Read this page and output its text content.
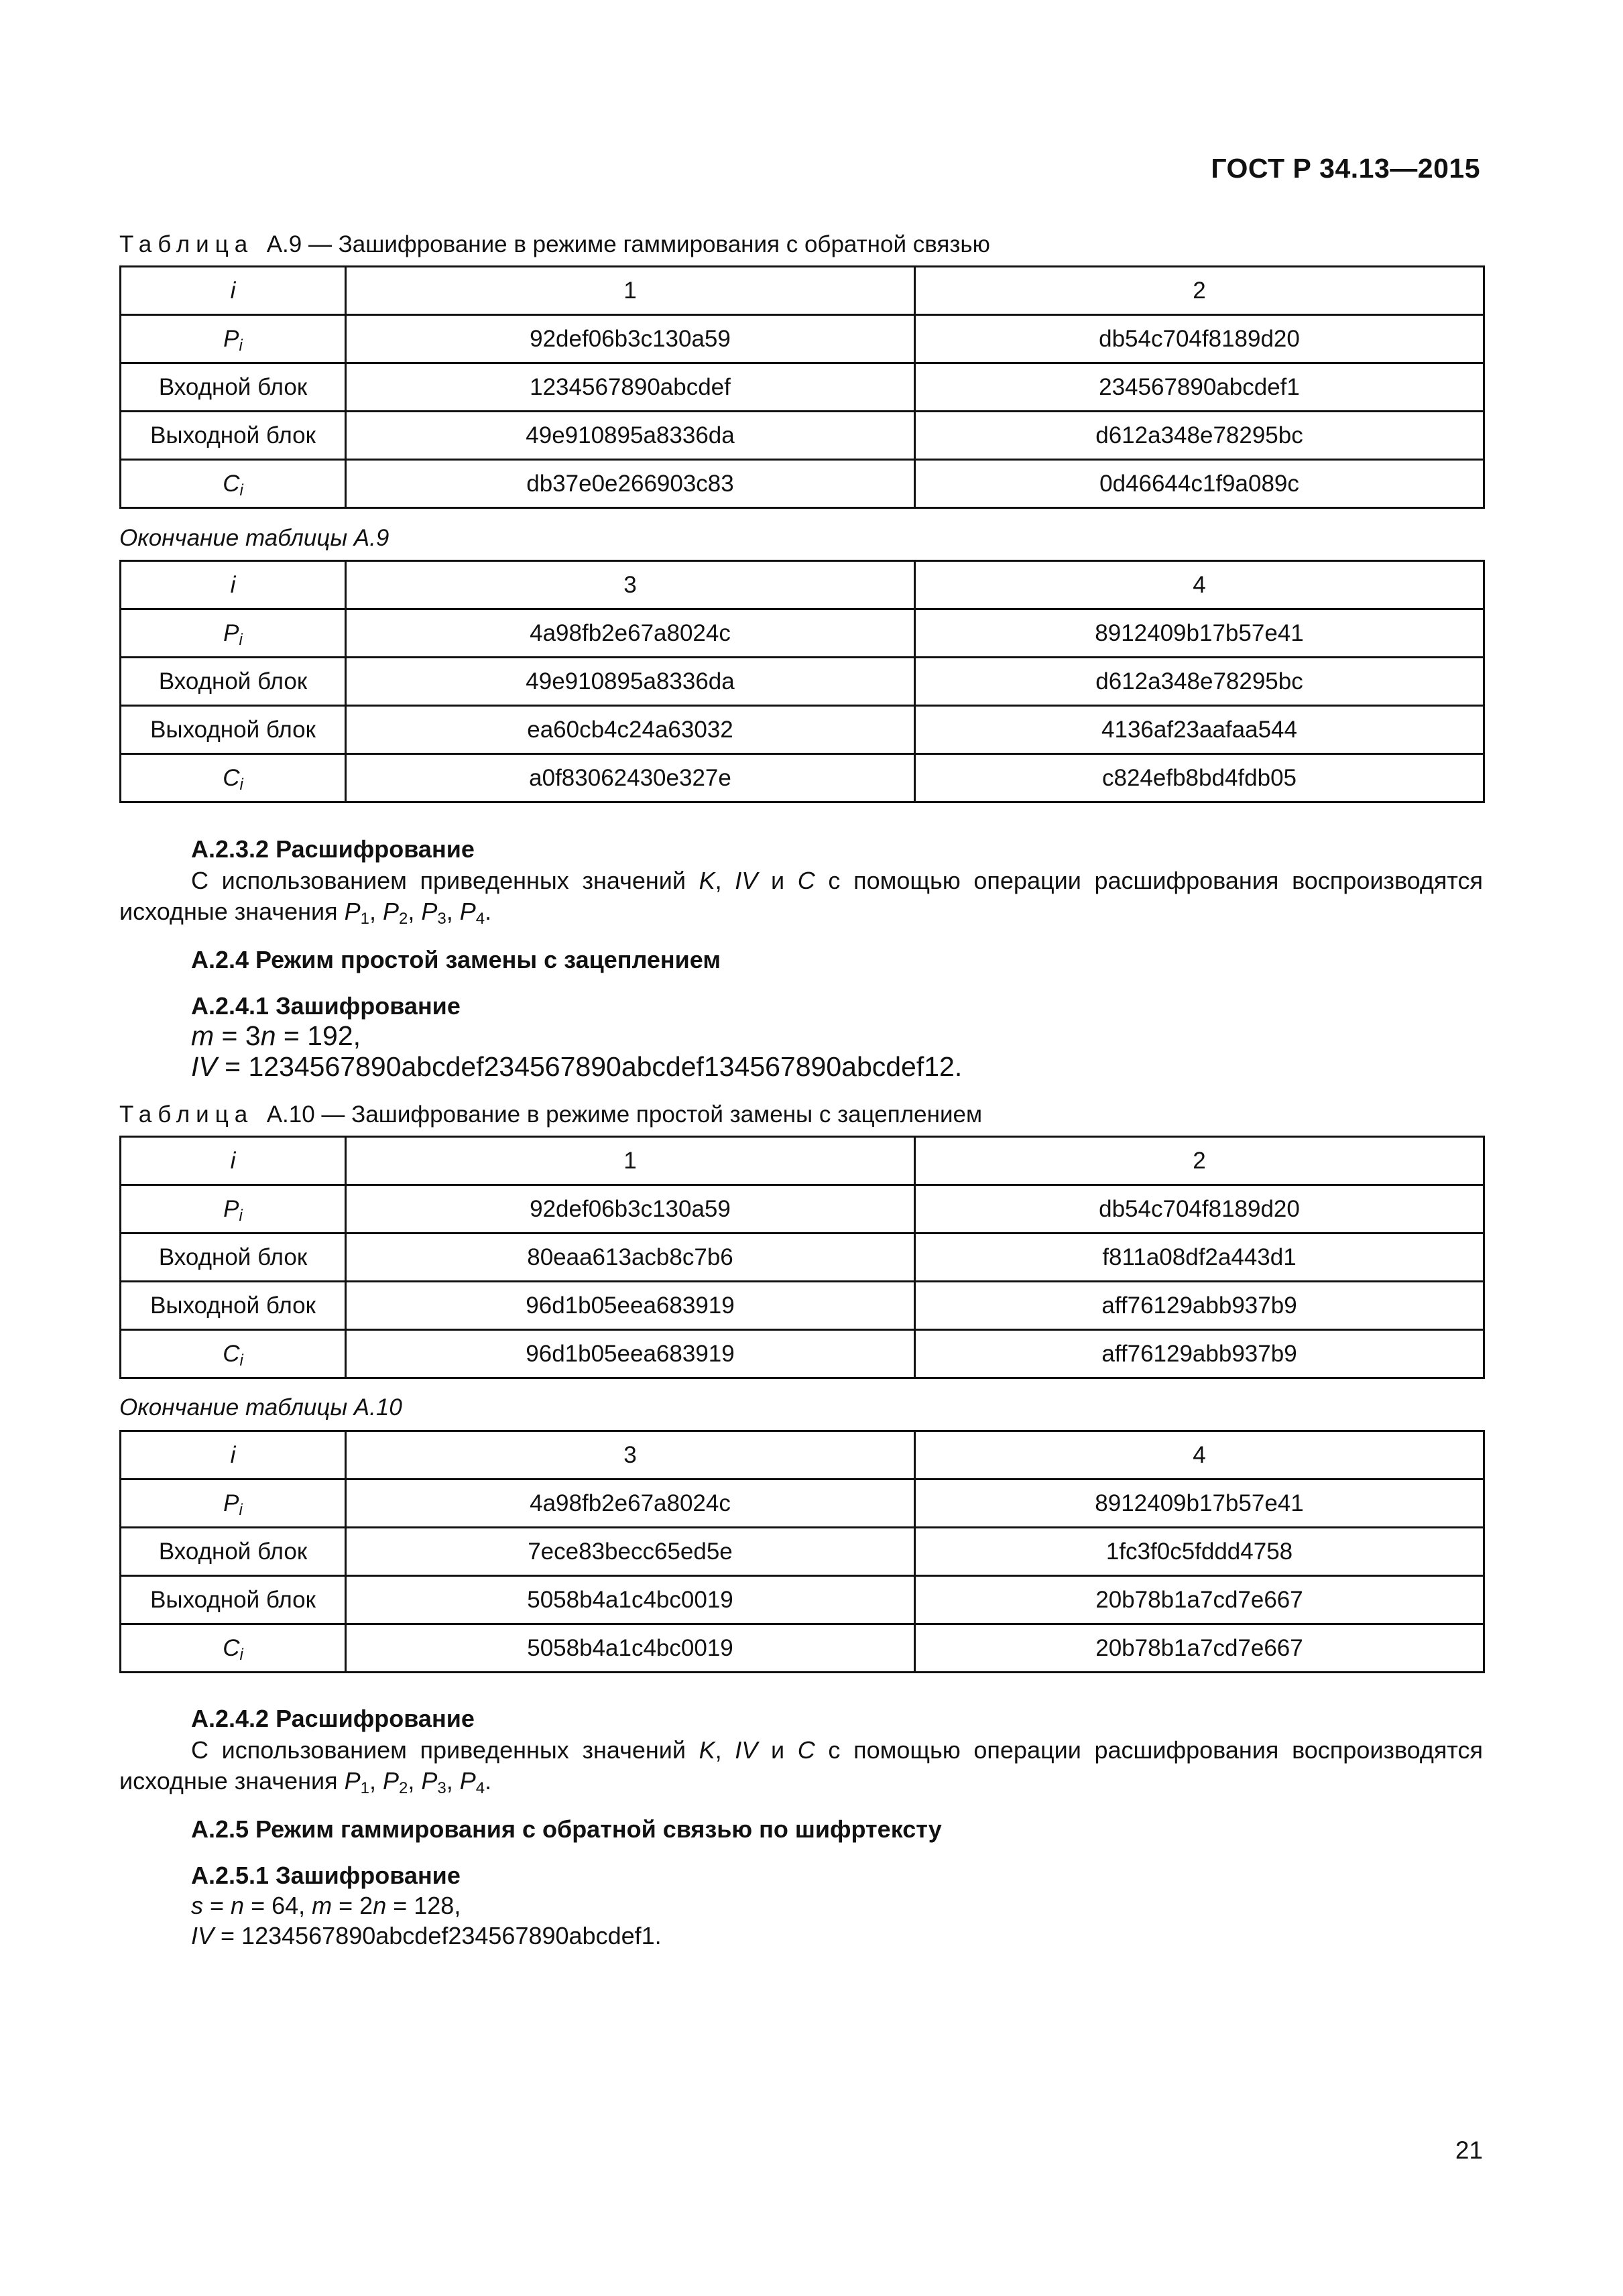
ГОСТ Р 34.13—2015
Таблица А.9 — Зашифрование в режиме гаммирования с обратной связью
i	1	2
$P_i$	92def06b3c130a59	db54c704f8189d20
Входной блок	1234567890abcdef	234567890abcdef1
Выходной блок	49e910895a8336da	d612a348e78295bc
$C_i$	db37e0e266903c83	0d46644c1f9a089c
Окончание таблицы А.9
i	3	4
$P_i$	4a98fb2e67a8024c	8912409b17b57e41
Входной блок	49e910895a8336da	d612a348e78295bc
Выходной блок	ea60cb4c24a63032	4136af23aafaa544
$C_i$	a0f83062430e327e	c824efb8bd4fdb05
А.2.3.2 Расшифрование
С использованием приведенных значений K, IV и C с помощью операции расшифрования воспроизводятся исходные значения $P_1$, $P_2$, $P_3$, $P_4$.
А.2.4 Режим простой замены с зацеплением
А.2.4.1 Зашифрование
m = 3n = 192,
IV = 1234567890abcdef234567890abcdef134567890abcdef12.
Таблица А.10 — Зашифрование в режиме простой замены с зацеплением
i	1	2
$P_i$	92def06b3c130a59	db54c704f8189d20
Входной блок	80eaa613acb8c7b6	f811a08df2a443d1
Выходной блок	96d1b05eea683919	aff76129abb937b9
$C_i$	96d1b05eea683919	aff76129abb937b9
Окончание таблицы А.10
i	3	4
$P_i$	4a98fb2e67a8024c	8912409b17b57e41
Входной блок	7ece83becc65ed5e	1fc3f0c5fddd4758
Выходной блок	5058b4a1c4bc0019	20b78b1a7cd7e667
$C_i$	5058b4a1c4bc0019	20b78b1a7cd7e667
А.2.4.2 Расшифрование
С использованием приведенных значений K, IV и C с помощью операции расшифрования воспроизводятся исходные значения $P_1$, $P_2$, $P_3$, $P_4$.
А.2.5 Режим гаммирования с обратной связью по шифртексту
А.2.5.1 Зашифрование
s = n = 64, m = 2n = 128,
IV = 1234567890abcdef234567890abcdef1.
21
